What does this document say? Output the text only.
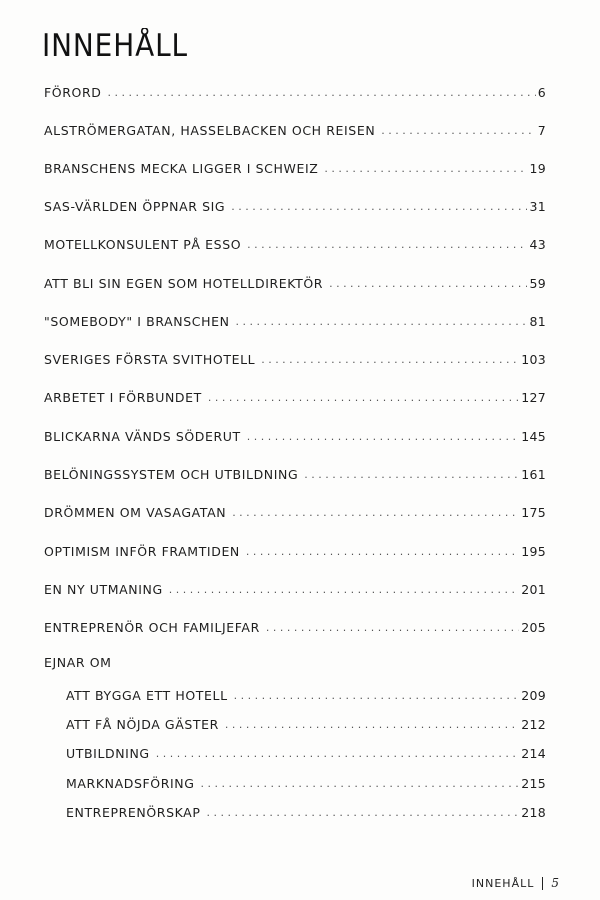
INNEHÅLL
FÖRORD . . .	6
ALSTRÖMERGATAN, HASSELBACKEN OCH REISEN . . .	7
BRANSCHENS MECKA LIGGER I SCHWEIZ . . .	19
SAS-VÄRLDEN ÖPPNAR SIG . . .	31
MOTELLKONSULENT PÅ ESSO . . .	43
ATT BLI SIN EGEN SOM HOTELLDIREKTÖR . . .	59
"SOMEBODY" I BRANSCHEN . . .	81
SVERIGES FÖRSTA SVITHOTELL . . .	103
ARBETET I FÖRBUNDET . . .	127
BLICKARNA VÄNDS SÖDERUT . . .	145
BELÖNINGSSYSTEM OCH UTBILDNING . . .	161
DRÖMMEN OM VASAGATAN . . .	175
OPTIMISM INFÖR FRAMTIDEN . . .	195
EN NY UTMANING . . .	201
ENTREPRENÖR OCH FAMILJEFAR . . .	205
EJNAR OM
ATT BYGGA ETT HOTELL . . .	209
ATT FÅ NÖJDA GÄSTER . . .	212
UTBILDNING . . .	214
MARKNADSFÖRING . . .	215
ENTREPRENÖRSKAP . . .	218
INNEHÅLL 5
